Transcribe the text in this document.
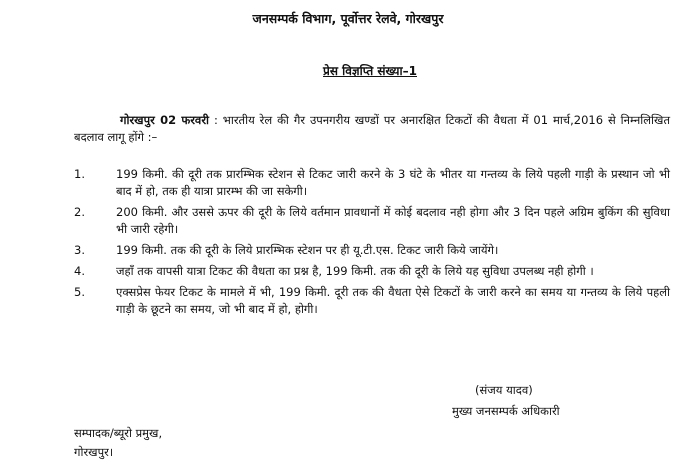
जनसम्पर्क विभाग, पूर्वोत्तर रेलवे, गोरखपुर
प्रेस विज्ञप्ति संख्या–1
गोरखपुर 02 फरवरी : भारतीय रेल की गैर उपनगरीय खण्डों पर अनारक्षित टिकटों की वैधता में 01 मार्च,2016 से निम्नलिखित बदलाव लागू होंगे :–
1.	199 किमी. की दूरी तक प्रारम्भिक स्टेशन से टिकट जारी करने के 3 घंटे के भीतर या गन्तव्य के लिये पहली गाड़ी के प्रस्थान जो भी बाद में हो, तक ही यात्रा प्रारम्भ की जा सकेगी।
2.	200 किमी. और उससे ऊपर की दूरी के लिये वर्तमान प्रावधानों में कोई बदलाव नही होगा और 3 दिन पहले अग्रिम बुकिंग की सुविधा भी जारी रहेगी।
3.	199 किमी. तक की दूरी के लिये प्रारम्भिक स्टेशन पर ही यू.टी.एस. टिकट जारी किये जायेंगे।
4.	जहाँ तक वापसी यात्रा टिकट की वैधता का प्रश्न है, 199 किमी. तक की दूरी के लिये यह सुविधा उपलब्ध नही होगी ।
5.	एक्सप्रेस फेयर टिकट के मामले में भी, 199 किमी. दूरी तक की वैधता ऐसे टिकटों के जारी करने का समय या गन्तव्य के लिये पहली गाड़ी के छूटने का समय, जो भी बाद में हो, होगी।
(संजय यादव)
मुख्य जनसम्पर्क अधिकारी
सम्पादक/ब्यूरो प्रमुख,
गोरखपुर।
